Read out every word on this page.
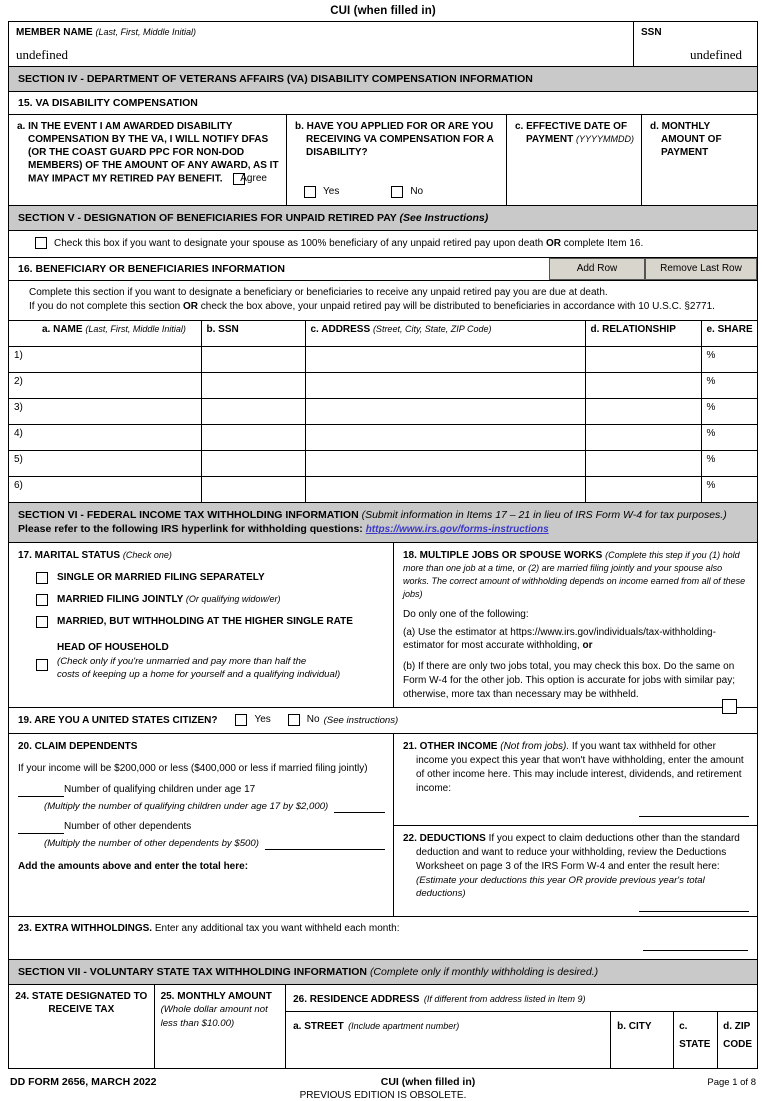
CUI (when filled in)
MEMBER NAME (Last, First, Middle Initial)
undefined
SSN
undefined
SECTION IV - DEPARTMENT OF VETERANS AFFAIRS (VA) DISABILITY COMPENSATION INFORMATION
15. VA DISABILITY COMPENSATION
a. IN THE EVENT I AM AWARDED DISABILITY COMPENSATION BY THE VA, I WILL NOTIFY DFAS (OR THE COAST GUARD PPC FOR NON-DOD MEMBERS) OF THE AMOUNT OF ANY AWARD, AS IT MAY IMPACT MY RETIRED PAY BENEFIT. Agree
b. HAVE YOU APPLIED FOR OR ARE YOU RECEIVING VA COMPENSATION FOR A DISABILITY?
Yes	No
c. EFFECTIVE DATE OF PAYMENT (YYYYMMDD)
d. MONTHLY AMOUNT OF PAYMENT
SECTION V - DESIGNATION OF BENEFICIARIES FOR UNPAID RETIRED PAY (See Instructions)
Check this box if you want to designate your spouse as 100% beneficiary of any unpaid retired pay upon death OR complete Item 16.
16. BENEFICIARY OR BENEFICIARIES INFORMATION	Add Row	Remove Last Row
Complete this section if you want to designate a beneficiary or beneficiaries to receive any unpaid retired pay you are due at death.
If you do not complete this section OR check the box above, your unpaid retired pay will be distributed to beneficiaries in accordance with 10 U.S.C. §2771.
a. NAME (Last, First, Middle Initial)	b. SSN	c. ADDRESS (Street, City, State, ZIP Code)	d. RELATIONSHIP	e. SHARE
1)				%
2)				%
3)				%
4)				%
5)				%
6)				%
SECTION VI - FEDERAL INCOME TAX WITHHOLDING INFORMATION (Submit information in Items 17 – 21 in lieu of IRS Form W-4 for tax purposes.)
Please refer to the following IRS hyperlink for withholding questions: https://www.irs.gov/forms-instructions
17. MARITAL STATUS (Check one)
SINGLE OR MARRIED FILING SEPARATELY
MARRIED FILING JOINTLY (Or qualifying widow/er)
MARRIED, BUT WITHHOLDING AT THE HIGHER SINGLE RATE
HEAD OF HOUSEHOLD
(Check only if you're unmarried and pay more than half the
costs of keeping up a home for yourself and a qualifying individual)
18. MULTIPLE JOBS OR SPOUSE WORKS (Complete this step if you (1) hold more than one job at a time, or (2) are married filing jointly and your spouse also works. The correct amount of withholding depends on income earned from all of these jobs)
Do only one of the following:
(a) Use the estimator at https://www.irs.gov/individuals/tax-withholding-estimator for most accurate withholding, or
(b) If there are only two jobs total, you may check this box. Do the same on Form W-4 for the other job. This option is accurate for jobs with similar pay; otherwise, more tax than necessary may be withheld.
19. ARE YOU A UNITED STATES CITIZEN?	Yes	No (See instructions)
20. CLAIM DEPENDENTS
If your income will be $200,000 or less ($400,000 or less if married filing jointly)
Number of qualifying children under age 17
(Multiply the number of qualifying children under age 17 by $2,000)
Number of other dependents
(Multiply the number of other dependents by $500)
Add the amounts above and enter the total here:
21. OTHER INCOME (Not from jobs). If you want tax withheld for other income you expect this year that won't have withholding, enter the amount of other income here. This may include interest, dividends, and retirement income:
22. DEDUCTIONS If you expect to claim deductions other than the standard deduction and want to reduce your withholding, review the Deductions Worksheet on page 3 of the IRS Form W-4 and enter the result here:
(Estimate your deductions this year OR provide previous year's total deductions)
23. EXTRA WITHHOLDINGS. Enter any additional tax you want withheld each month:
SECTION VII - VOLUNTARY STATE TAX WITHHOLDING INFORMATION (Complete only if monthly withholding is desired.)
24. STATE DESIGNATED TO RECEIVE TAX
25. MONTHLY AMOUNT
(Whole dollar amount not less than $10.00)
26. RESIDENCE ADDRESS (If different from address listed in Item 9)
a. STREET (Include apartment number)	b. CITY	c. STATE
d. ZIP CODE
DD FORM 2656, MARCH 2022	CUI (when filled in)	Page 1 of 8
PREVIOUS EDITION IS OBSOLETE.
